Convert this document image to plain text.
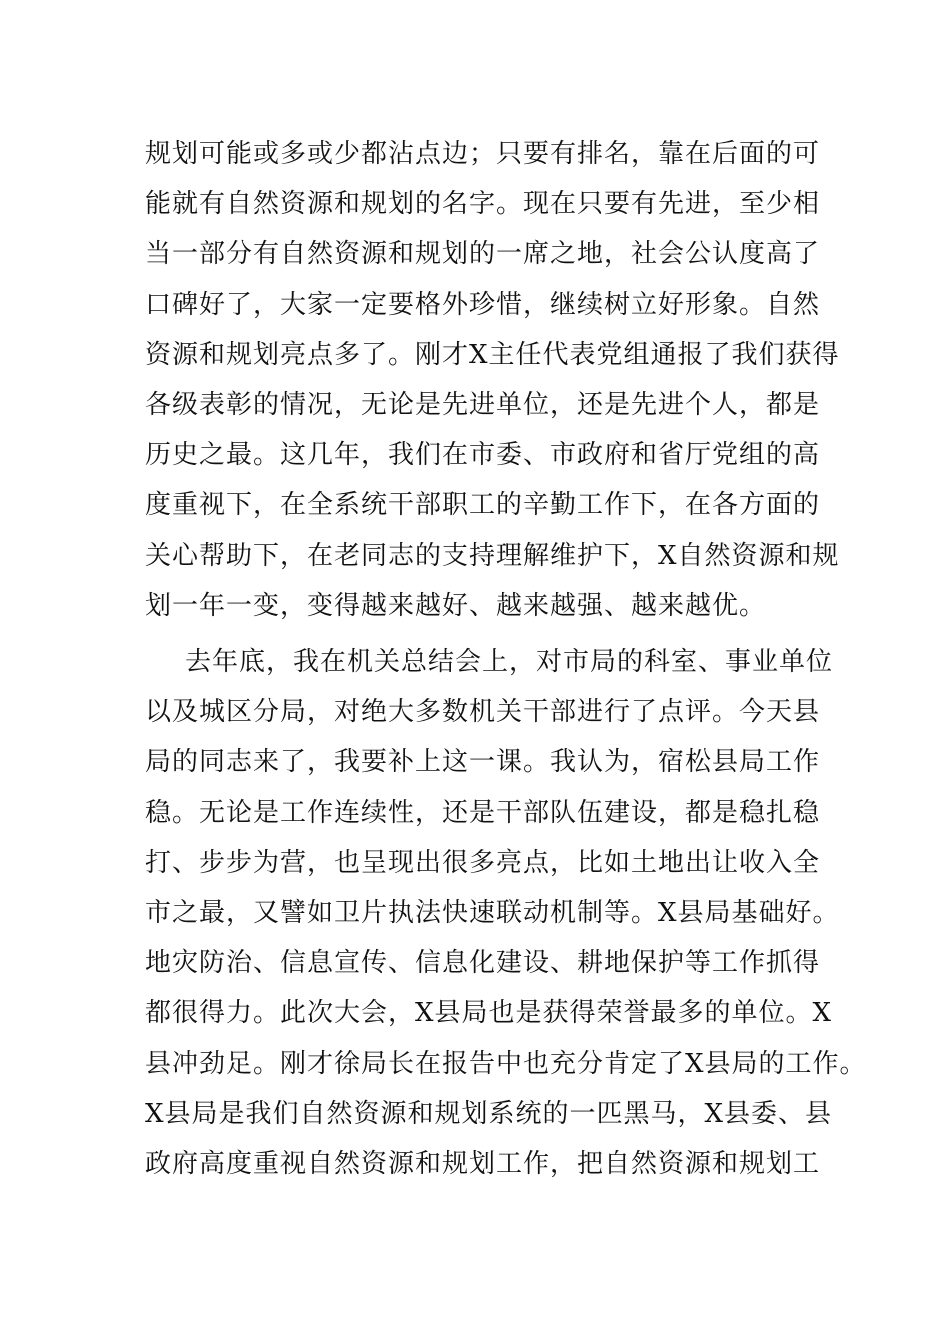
规划可能或多或少都沾点边；只要有排名，靠在后面的可
能就有自然资源和规划的名字。现在只要有先进，至少相
当一部分有自然资源和规划的一席之地，社会公认度高了
口碑好了，大家一定要格外珍惜，继续树立好形象。自然
资源和规划亮点多了。刚才X主任代表党组通报了我们获得
各级表彰的情况，无论是先进单位，还是先进个人，都是
历史之最。这几年，我们在市委、市政府和省厅党组的高
度重视下，在全系统干部职工的辛勤工作下，在各方面的
关心帮助下，在老同志的支持理解维护下，X自然资源和规
划一年一变，变得越来越好、越来越强、越来越优。
去年底，我在机关总结会上，对市局的科室、事业单位
以及城区分局，对绝大多数机关干部进行了点评。今天县
局的同志来了，我要补上这一课。我认为，宿松县局工作
稳。无论是工作连续性，还是干部队伍建设，都是稳扎稳
打、步步为营，也呈现出很多亮点，比如土地出让收入全
市之最，又譬如卫片执法快速联动机制等。X县局基础好。
地灾防治、信息宣传、信息化建设、耕地保护等工作抓得
都很得力。此次大会，X县局也是获得荣誉最多的单位。X
县冲劲足。刚才徐局长在报告中也充分肯定了X县局的工作。
X县局是我们自然资源和规划系统的一匹黑马，X县委、县
政府高度重视自然资源和规划工作，把自然资源和规划工
